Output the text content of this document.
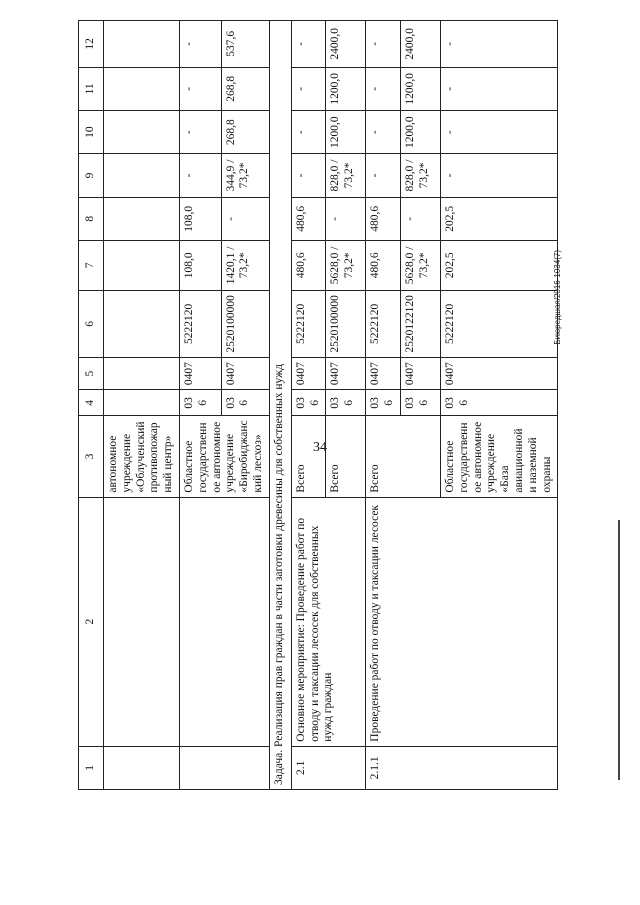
34
1	2	3	4	5	6	7	8	9	10	11	12
		автономное учреждение «Облученский противопожарный центр»									
		Областное государственное автономное учреждение «Биробиджанский лесхоз»	036	0407	5222120	108,0	108,0	-	-	-	-
			036	0407	2520100000	1420,1 / 73,2*	-	344,9 / 73,2*	268,8	268,8	537,6
Задача. Реализация прав граждан в части заготовки древесины для собственных нужд											
2.1	Основное мероприятие: Проведение работ по отводу и таксации лесосек для собственных нужд граждан	Всего	036	0407	5222120	480,6	480,6	-	-	-	-
		Всего	036	0407	2520100000	5628,0 / 73,2*	-	828,0 / 73,2*	1200,0	1200,0	2400,0
2.1.1	Проведение работ по отводу и таксации лесосек	Всего	036	0407	5222120	480,6	480,6	-	-	-	-
			036	0407	2520122120	5628,0 / 73,2*	-	828,0 / 73,2*	1200,0	1200,0	2400,0
		Областное государственное автономное учреждение «База авиационной и наземной охраны	036	0407	5222120	202,5	202,5	-	-	-	-
Биюредшая/2016-1034(7)
